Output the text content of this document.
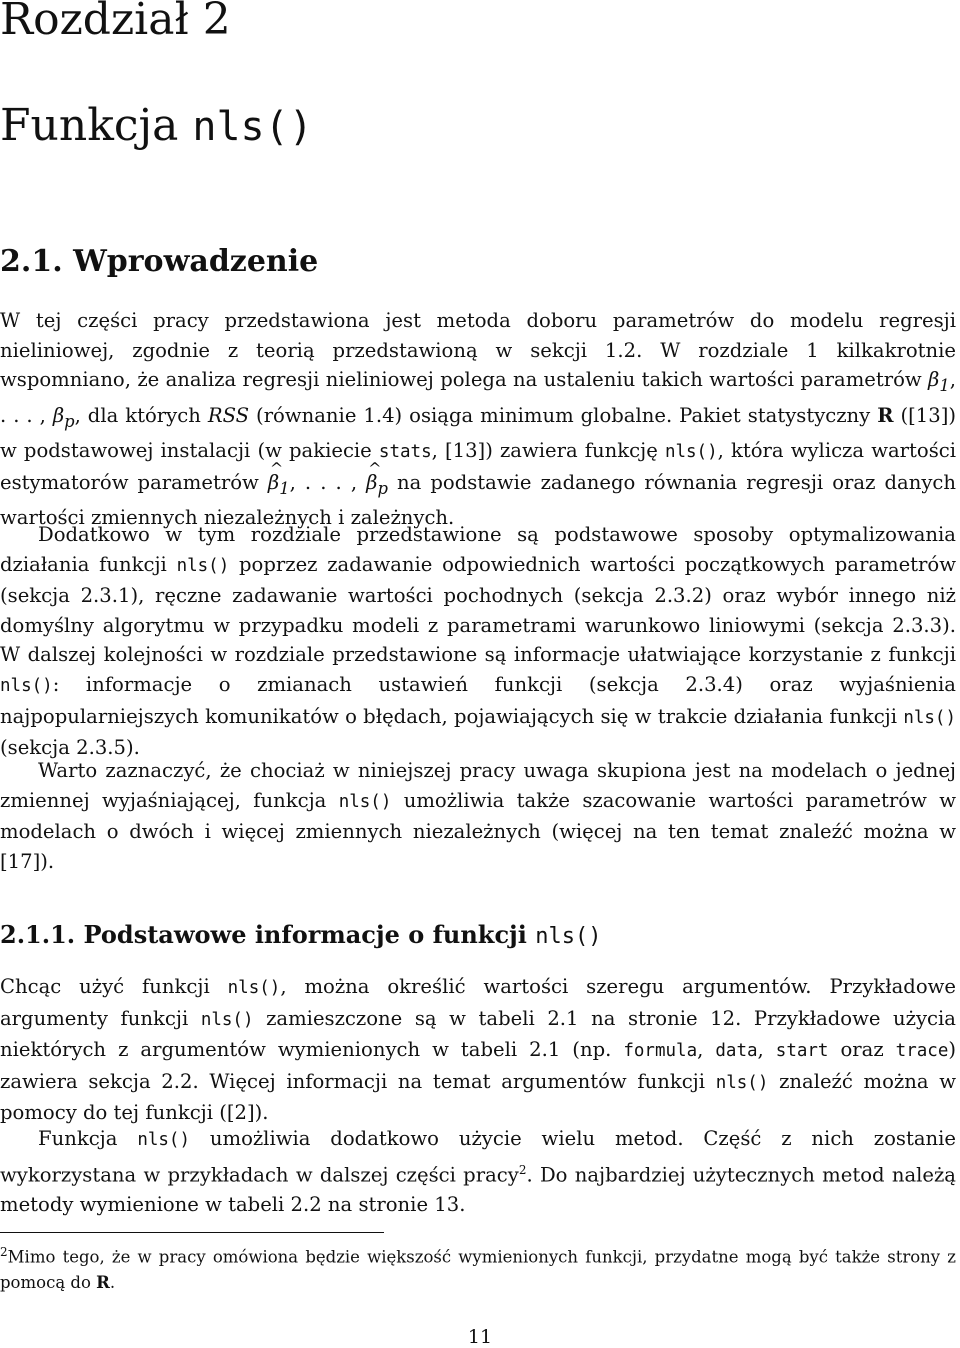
Rozdział 2
Funkcja nls()
2.1. Wprowadzenie

W tej części pracy przedstawiona jest metoda doboru parametrów do modelu regresji nieliniowej, zgodnie z teorią przedstawioną w sekcji 1.2. W rozdziale 1 kilkakrotnie wspomniano, że analiza regresji nieliniowej polega na ustaleniu takich wartości parametrów $\beta_1$, . . . , $\beta_p$, dla których RSS (równanie 1.4) osiąga minimum globalne. Pakiet statystyczny R ([13]) w podstawowej instalacji (w pakiecie stats, [13]) zawiera funkcję nls(), która wylicza wartości estymatorów parametrów ^ $\beta_1$, . . . , ^ $\beta_p$ na podstawie zadanego równania regresji oraz danych wartości zmiennych niezależnych i zależnych.

Dodatkowo w tym rozdziale przedstawione są podstawowe sposoby optymalizowania działania funkcji nls() poprzez zadawanie odpowiednich wartości początkowych parametrów (sekcja 2.3.1), ręczne zadawanie wartości pochodnych (sekcja 2.3.2) oraz wybór innego niż domyślny algorytmu w przypadku modeli z parametrami warunkowo liniowymi (sekcja 2.3.3). W dalszej kolejności w rozdziale przedstawione są informacje ułatwiające korzystanie z funkcji nls(): informacje o zmianach ustawień funkcji (sekcja 2.3.4) oraz wyjaśnienia najpopularniejszych komunikatów o błędach, pojawiających się w trakcie działania funkcji nls() (sekcja 2.3.5).

Warto zaznaczyć, że chociaż w niniejszej pracy uwaga skupiona jest na modelach o jednej zmiennej wyjaśniającej, funkcja nls() umożliwia także szacowanie wartości parametrów w modelach o dwóch i więcej zmiennych niezależnych (więcej na ten temat znaleźć można w [17]).

2.1.1. Podstawowe informacje o funkcji nls()

Chcąc użyć funkcji nls(), można określić wartości szeregu argumentów. Przykładowe argumenty funkcji nls() zamieszczone są w tabeli 2.1 na stronie 12. Przykładowe użycia niektórych z argumentów wymienionych w tabeli 2.1 (np. formula, data, start oraz trace) zawiera sekcja 2.2. Więcej informacji na temat argumentów funkcji nls() znaleźć można w pomocy do tej funkcji ([2]).

Funkcja nls() umożliwia dodatkowo użycie wielu metod. Część z nich zostanie wykorzystana w przykładach w dalszej części pracy$^2$. Do najbardziej użytecznych metod należą metody wymienione w tabeli 2.2 na stronie 13.

$^2$Mimo tego, że w pracy omówiona będzie większość wymienionych funkcji, przydatne mogą być także strony z pomocą do R.

11
